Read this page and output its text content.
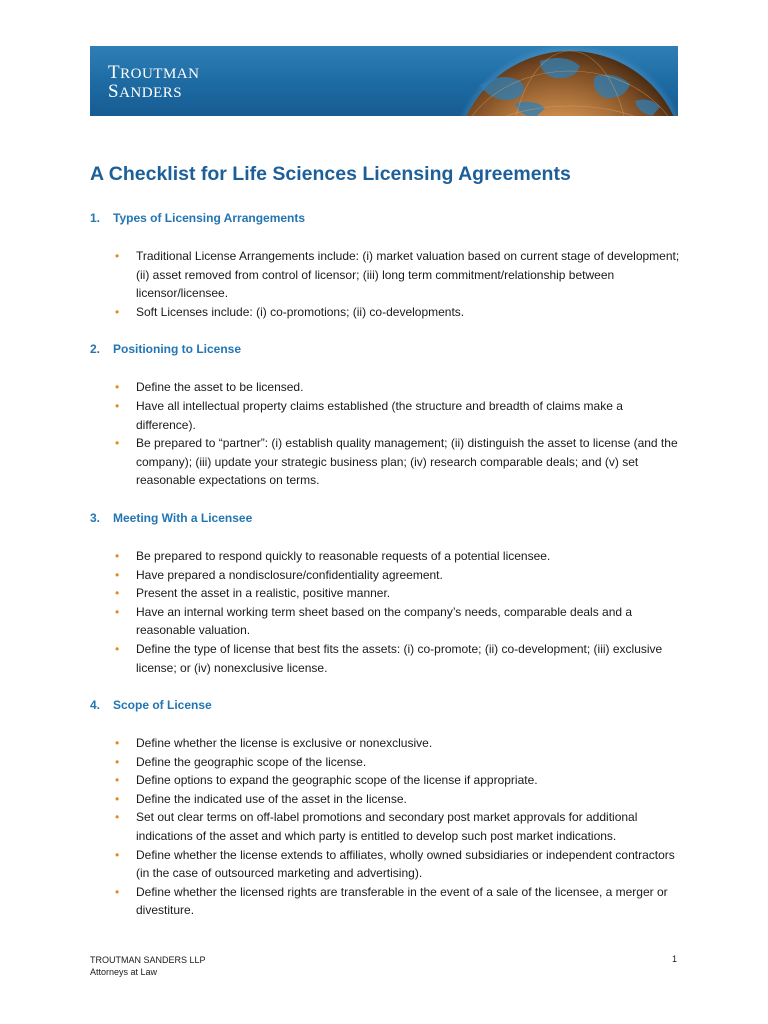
TROUTMAN
SANDERS
A Checklist for Life Sciences Licensing Agreements
1. Types of Licensing Arrangements
• Traditional License Arrangements include: (i) market valuation based on current stage of development; (ii) asset removed from control of licensor; (iii) long term commitment/relationship between licensor/licensee.
• Soft Licenses include: (i) co-promotions; (ii) co-developments.
2. Positioning to License
• Define the asset to be licensed.
• Have all intellectual property claims established (the structure and breadth of claims make a difference).
• Be prepared to “partner”: (i) establish quality management; (ii) distinguish the asset to license (and the company); (iii) update your strategic business plan; (iv) research comparable deals; and (v) set reasonable expectations on terms.
3. Meeting With a Licensee
• Be prepared to respond quickly to reasonable requests of a potential licensee.
• Have prepared a nondisclosure/confidentiality agreement.
• Present the asset in a realistic, positive manner.
• Have an internal working term sheet based on the company’s needs, comparable deals and a reasonable valuation.
• Define the type of license that best fits the assets: (i) co-promote; (ii) co-development; (iii) exclusive license; or (iv) nonexclusive license.
4. Scope of License
• Define whether the license is exclusive or nonexclusive.
• Define the geographic scope of the license.
• Define options to expand the geographic scope of the license if appropriate.
• Define the indicated use of the asset in the license.
• Set out clear terms on off-label promotions and secondary post market approvals for additional indications of the asset and which party is entitled to develop such post market indications.
• Define whether the license extends to affiliates, wholly owned subsidiaries or independent contractors (in the case of outsourced marketing and advertising).
• Define whether the licensed rights are transferable in the event of a sale of the licensee, a merger or divestiture.
TROUTMAN SANDERS LLP
Attorneys at Law
1
